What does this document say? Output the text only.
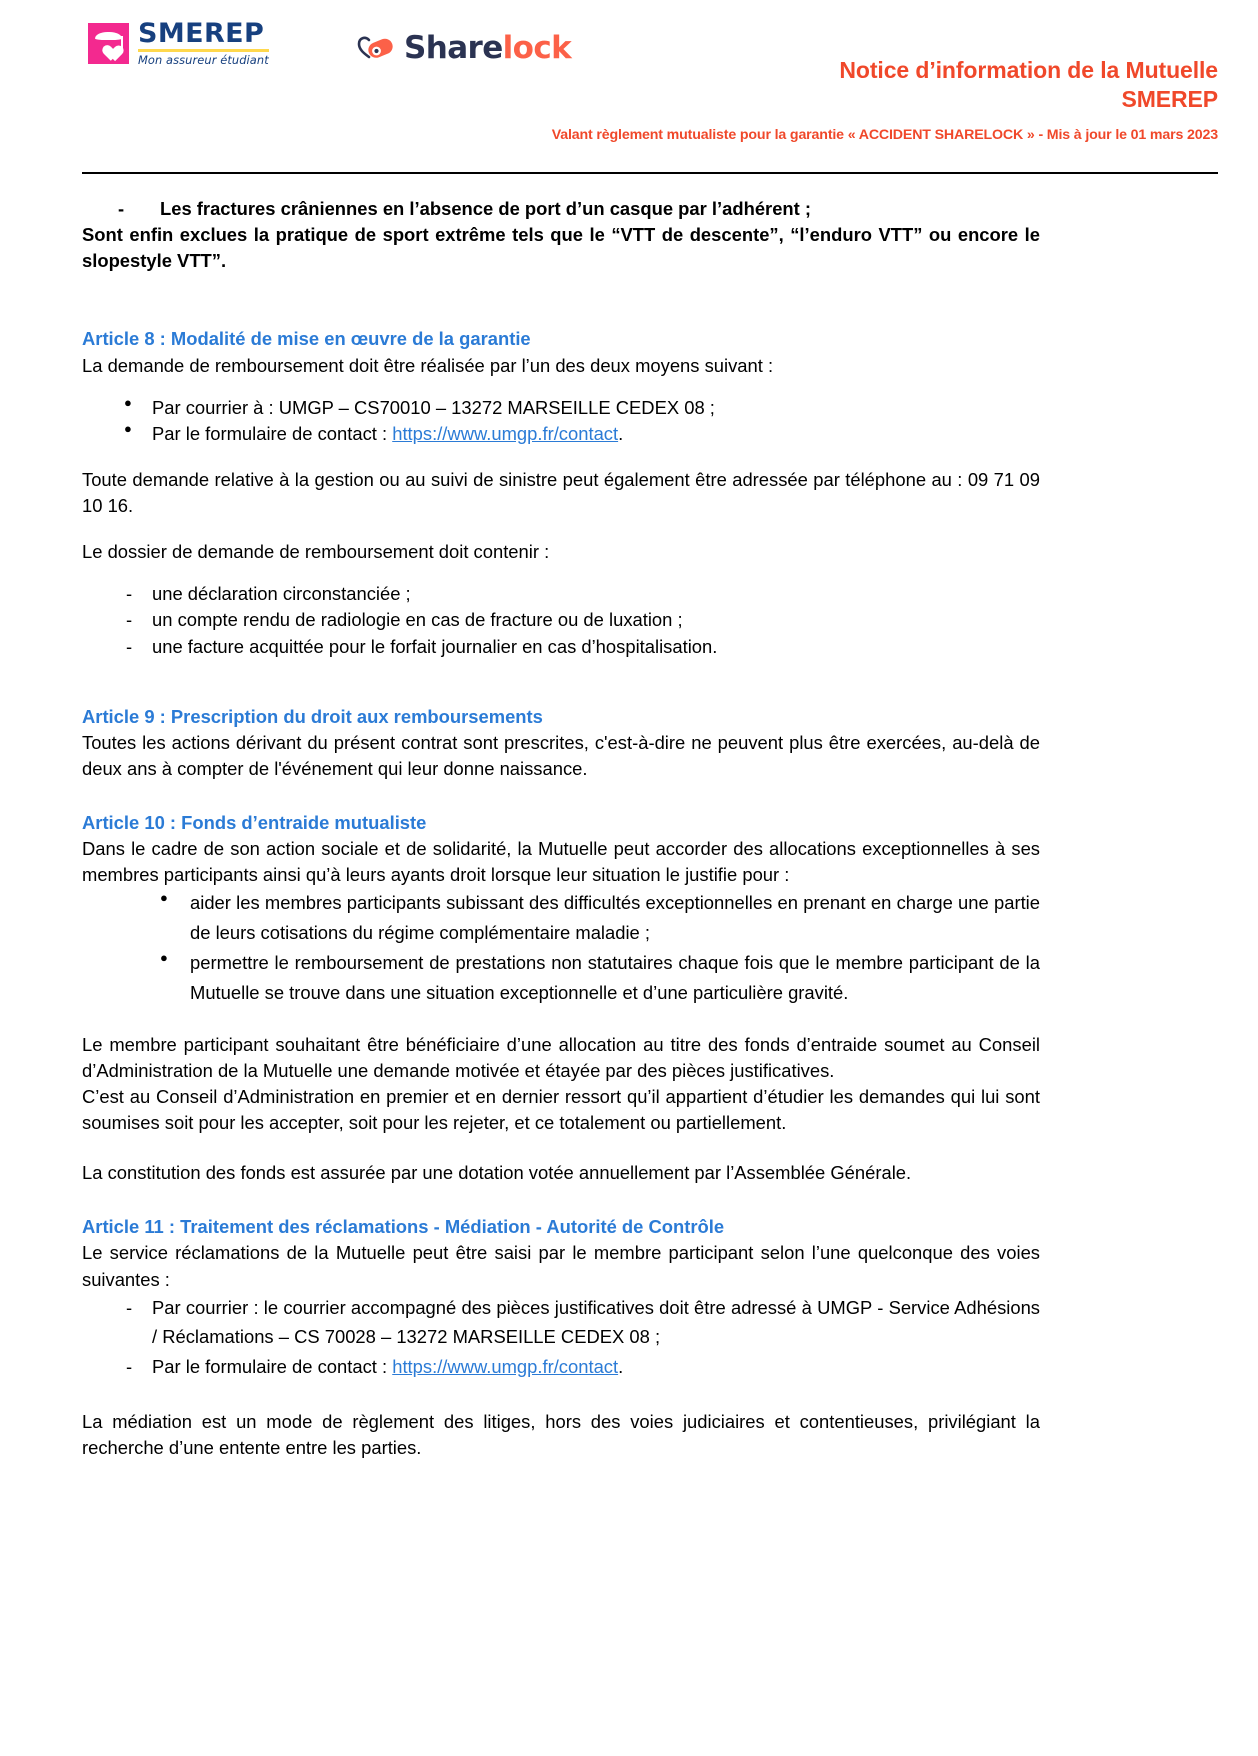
SMEREP
Mon assureur étudiant	Sharelock
Notice d’information de la Mutuelle
SMEREP
Valant règlement mutualiste pour la garantie « ACCIDENT SHARELOCK » - Mis à jour le 01 mars 2023
-	Les fractures crâniennes en l’absence de port d’un casque par l’adhérent ;

Sont enfin exclues la pratique de sport extrême tels que le “VTT de descente”, “l’enduro VTT” ou encore le slopestyle VTT”.

Article 8 : Modalité de mise en œuvre de la garantie

La demande de remboursement doit être réalisée par l’un des deux moyens suivant :

● Par courrier à : UMGP – CS70010 – 13272 MARSEILLE CEDEX 08 ;
● Par le formulaire de contact : https://www.umgp.fr/contact.

Toute demande relative à la gestion ou au suivi de sinistre peut également être adressée par téléphone au : 09 71 09 10 16.

Le dossier de demande de remboursement doit contenir :

- une déclaration circonstanciée ;
- un compte rendu de radiologie en cas de fracture ou de luxation ;
- une facture acquittée pour le forfait journalier en cas d’hospitalisation.

Article 9 : Prescription du droit aux remboursements

Toutes les actions dérivant du présent contrat sont prescrites, c'est-à-dire ne peuvent plus être exercées, au-delà de deux ans à compter de l'événement qui leur donne naissance.

Article 10 : Fonds d’entraide mutualiste

Dans le cadre de son action sociale et de solidarité, la Mutuelle peut accorder des allocations exceptionnelles à ses membres participants ainsi qu’à leurs ayants droit lorsque leur situation le justifie pour :

● aider les membres participants subissant des difficultés exceptionnelles en prenant en charge une partie de leurs cotisations du régime complémentaire maladie ;
● permettre le remboursement de prestations non statutaires chaque fois que le membre participant de la Mutuelle se trouve dans une situation exceptionnelle et d’une particulière gravité.

Le membre participant souhaitant être bénéficiaire d’une allocation au titre des fonds d’entraide soumet au Conseil d’Administration de la Mutuelle une demande motivée et étayée par des pièces justificatives.

C’est au Conseil d’Administration en premier et en dernier ressort qu’il appartient d’étudier les demandes qui lui sont soumises soit pour les accepter, soit pour les rejeter, et ce totalement ou partiellement.

La constitution des fonds est assurée par une dotation votée annuellement par l’Assemblée Générale.

Article 11 : Traitement des réclamations - Médiation - Autorité de Contrôle

Le service réclamations de la Mutuelle peut être saisi par le membre participant selon l’une quelconque des voies suivantes :

- Par courrier : le courrier accompagné des pièces justificatives doit être adressé à UMGP - Service Adhésions / Réclamations – CS 70028 – 13272 MARSEILLE CEDEX 08 ;
- Par le formulaire de contact : https://www.umgp.fr/contact.

La médiation est un mode de règlement des litiges, hors des voies judiciaires et contentieuses, privilégiant la recherche d’une entente entre les parties.
